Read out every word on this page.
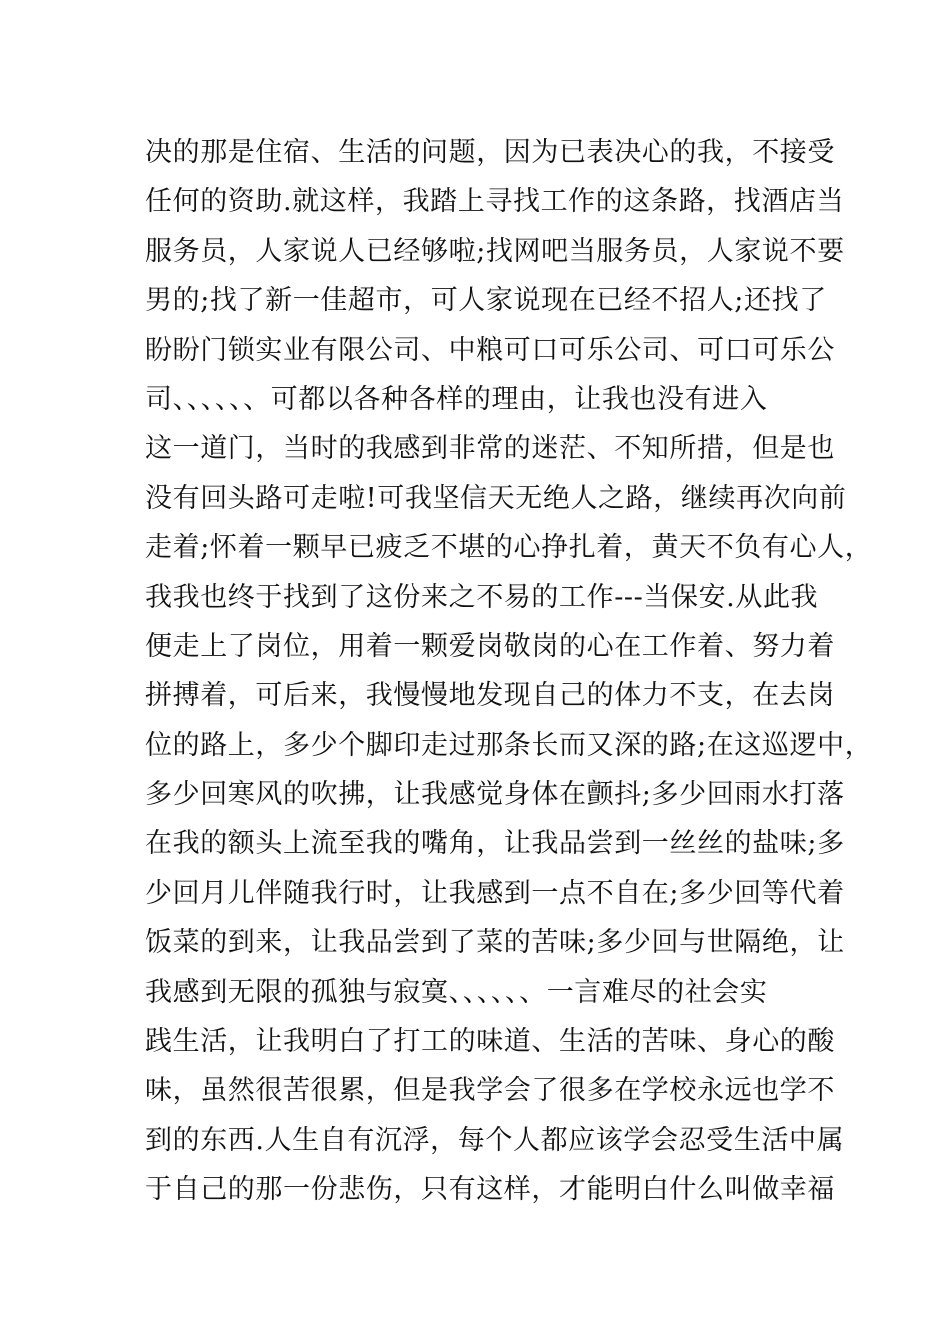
决的那是住宿、生活的问题，因为已表决心的我，不接受
任何的资助.就这样，我踏上寻找工作的这条路，找酒店当
服务员，人家说人已经够啦;找网吧当服务员，人家说不要
男的;找了新一佳超市，可人家说现在已经不招人;还找了
盼盼门锁实业有限公司、中粮可口可乐公司、可口可乐公
司、、、、、、可都以各种各样的理由，让我也没有进入
这一道门，当时的我感到非常的迷茫、不知所措，但是也
没有回头路可走啦!可我坚信天无绝人之路，继续再次向前
走着;怀着一颗早已疲乏不堪的心挣扎着，黄天不负有心人，
我我也终于找到了这份来之不易的工作---当保安.从此我
便走上了岗位，用着一颗爱岗敬岗的心在工作着、努力着
拼搏着，可后来，我慢慢地发现自己的体力不支，在去岗
位的路上，多少个脚印走过那条长而又深的路;在这巡逻中，
多少回寒风的吹拂，让我感觉身体在颤抖;多少回雨水打落
在我的额头上流至我的嘴角，让我品尝到一丝丝的盐味;多
少回月儿伴随我行时，让我感到一点不自在;多少回等代着
饭菜的到来，让我品尝到了菜的苦味;多少回与世隔绝，让
我感到无限的孤独与寂寞、、、、、、一言难尽的社会实
践生活，让我明白了打工的味道、生活的苦味、身心的酸
味，虽然很苦很累，但是我学会了很多在学校永远也学不
到的东西.人生自有沉浮，每个人都应该学会忍受生活中属
于自己的那一份悲伤，只有这样，才能明白什么叫做幸福
